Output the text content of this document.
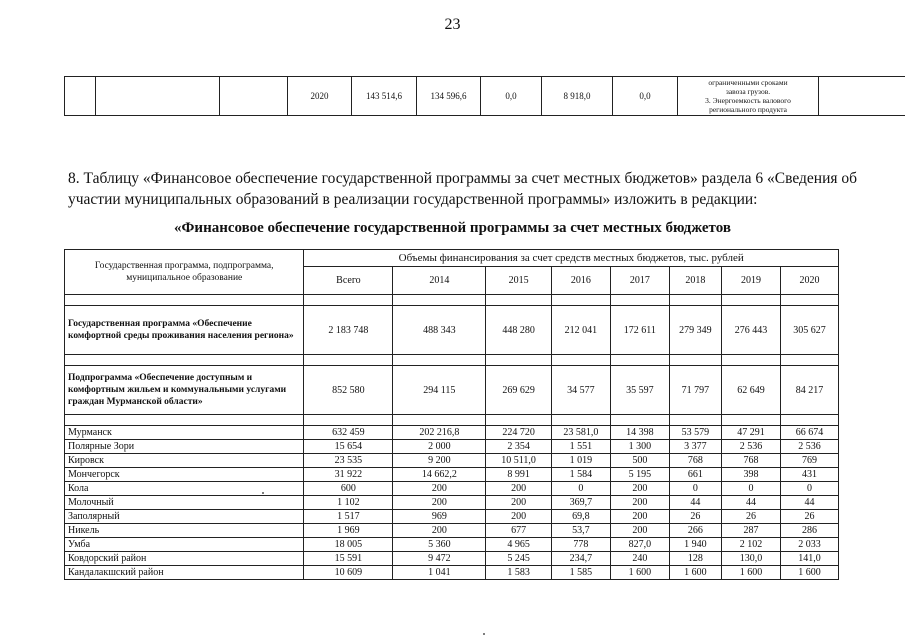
23
			2020	143 514,6	134 596,6	0,0	8 918,0	0,0	
ограниченными сроками
завоза грузов.
3. Энергоемкость валового
регионального продукта

8. Таблицу «Финансовое обеспечение государственной программы за счет местных бюджетов» раздела 6 «Сведения об участии муниципальных образований в реализации государственной программы» изложить в редакции:
«Финансовое обеспечение государственной программы за счет местных бюджетов
Государственная программа, подпрограмма, муниципальное образование	Объемы финансирования за счет средств местных бюджетов, тыс. рублей							
	Всего	2014	2015	2016	2017	2018	2019	2020

Государственная программа «Обеспечение комфортной среды проживания населения региона»	2 183 748	488 343	448 280	212 041	172 611	279 349	276 443	305 627

Подпрограмма «Обеспечение доступным и комфортным жильем и коммунальными услугами граждан Мурманской области»	852 580	294 115	269 629	34 577	35 597	71 797	62 649	84 217

Мурманск	632 459	202 216,8	224 720	23 581,0	14 398	53 579	47 291	66 674
Полярные Зори	15 654	2 000	2 354	1 551	1 300	3 377	2 536	2 536
Кировск	23 535	9 200	10 511,0	1 019	500	768	768	769
Мончегорск	31 922	14 662,2	8 991	1 584	5 195	661	398	431
Кола	600	200	200	0	200	0	0	0
Молочный	1 102	200	200	369,7	200	44	44	44
Заполярный	1 517	969	200	69,8	200	26	26	26
Никель	1 969	200	677	53,7	200	266	287	286
Умба	18 005	5 360	4 965	778	827,0	1 940	2 102	2 033
Ковдорский район	15 591	9 472	5 245	234,7	240	128	130,0	141,0
Кандалакшский район	10 609	1 041	1 583	1 585	1 600	1 600	1 600	1 600
